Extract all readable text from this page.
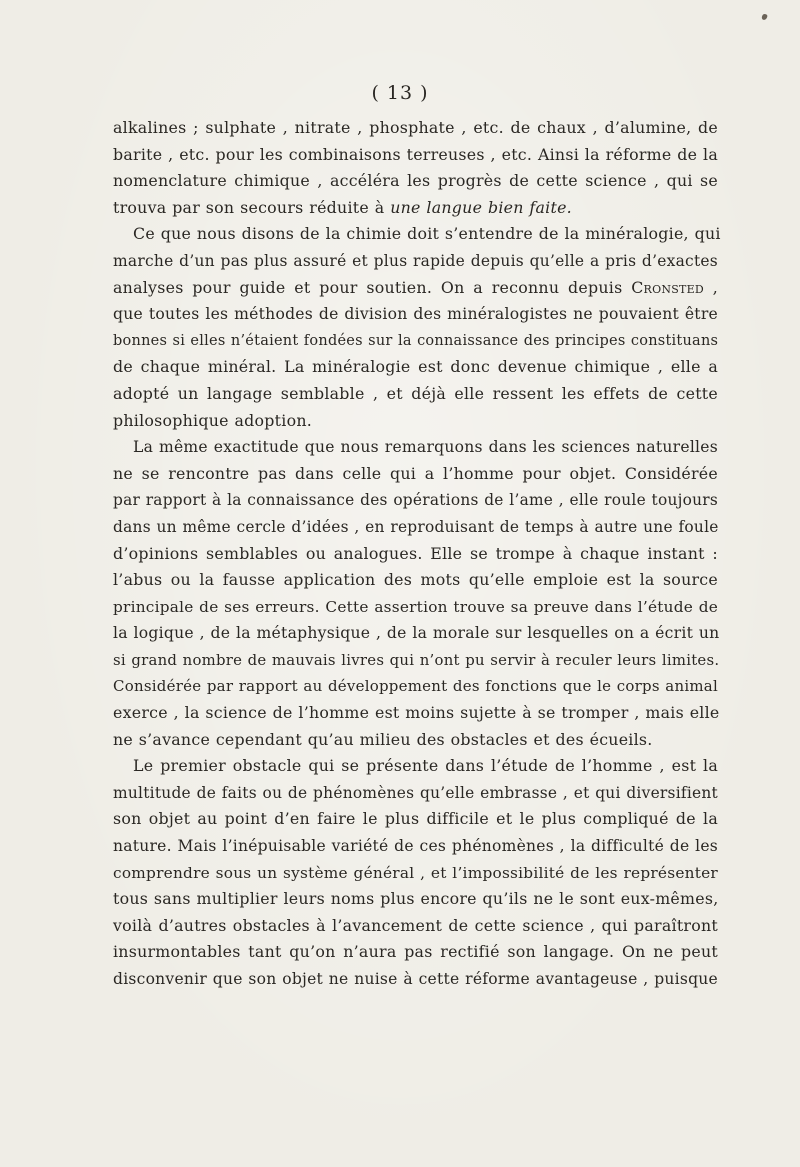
( 13 )
alkalines ; sulphate , nitrate , phosphate , etc. de chaux , d’alumine, de
barite , etc. pour les combinaisons terreuses , etc. Ainsi la réforme de la
nomenclature chimique , accéléra les progrès de cette science , qui se
trouva par son secours réduite à une langue bien faite.
Ce que nous disons de la chimie doit s’entendre de la minéralogie, qui
marche d’un pas plus assuré et plus rapide depuis qu’elle a pris d’exactes
analyses pour guide et pour soutien. On a reconnu depuis Cronsted ,
que toutes les méthodes de division des minéralogistes ne pouvaient être
bonnes si elles n’étaient fondées sur la connaissance des principes constituans
de chaque minéral. La minéralogie est donc devenue chimique , elle a
adopté un langage semblable , et déjà elle ressent les effets de cette
philosophique adoption.
La même exactitude que nous remarquons dans les sciences naturelles
ne se rencontre pas dans celle qui a l’homme pour objet. Considérée
par rapport à la connaissance des opérations de l’ame , elle roule toujours
dans un même cercle d’idées , en reproduisant de temps à autre une foule
d’opinions semblables ou analogues. Elle se trompe à chaque instant :
l’abus ou la fausse application des mots qu’elle emploie est la source
principale de ses erreurs. Cette assertion trouve sa preuve dans l’étude de
la logique , de la métaphysique , de la morale sur lesquelles on a écrit un
si grand nombre de mauvais livres qui n’ont pu servir à reculer leurs limites.
Considérée par rapport au développement des fonctions que le corps animal
exerce , la science de l’homme est moins sujette à se tromper , mais elle
ne s’avance cependant qu’au milieu des obstacles et des écueils.
Le premier obstacle qui se présente dans l’étude de l’homme , est la
multitude de faits ou de phénomènes qu’elle embrasse , et qui diversifient
son objet au point d’en faire le plus difficile et le plus compliqué de la
nature. Mais l’inépuisable variété de ces phénomènes , la difficulté de les
comprendre sous un système général , et l’impossibilité de les représenter
tous sans multiplier leurs noms plus encore qu’ils ne le sont eux-mêmes,
voilà d’autres obstacles à l’avancement de cette science , qui paraîtront
insurmontables tant qu’on n’aura pas rectifié son langage. On ne peut
disconvenir que son objet ne nuise à cette réforme avantageuse , puisque
